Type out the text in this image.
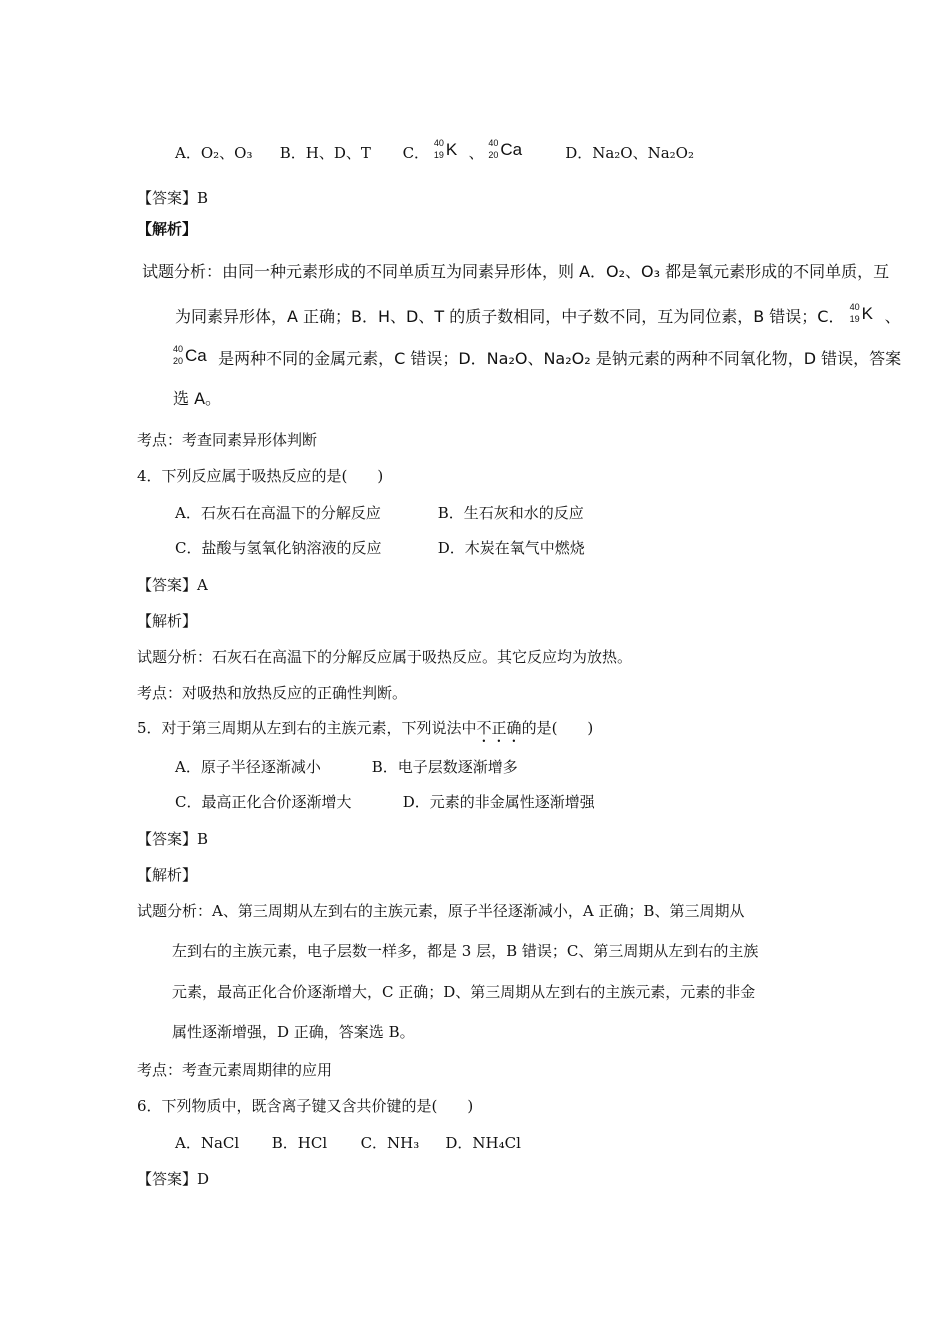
A．O₂、O₃ B．H、D、T C．
40
19 K 、
40
20 Ca	D．Na₂O、Na₂O₂
【答案】B
【解析】
试题分析：由同一种元素形成的不同单质互为同素异形体，则 A．O₂、O₃ 都是氧元素形成的不同单质，互
为同素异形体，A 正确；B．H、D、T 的质子数相同，中子数不同，互为同位素，B 错误；C． 40
19 K 、
40
20 Ca 是两种不同的金属元素，C 错误；D．Na₂O、Na₂O₂ 是钠元素的两种不同氧化物，D 错误，答案
选 A。
考点：考查同素异形体判断
4．下列反应属于吸热反应的是(　　)
A．石灰石在高温下的分解反应	B．生石灰和水的反应
C．盐酸与氢氧化钠溶液的反应	D．木炭在氧气中燃烧
【答案】A
【解析】
试题分析：石灰石在高温下的分解反应属于吸热反应。其它反应均为放热。
考点：对吸热和放热反应的正确性判断。
5．对于第三周期从左到右的主族元素，下列说法中不正确的是(　　)
A．原子半径逐渐减小	B．电子层数逐渐增多
C．最高正化合价逐渐增大	D．元素的非金属性逐渐增强
【答案】B
【解析】
试题分析：A、第三周期从左到右的主族元素，原子半径逐渐减小，A 正确；B、第三周期从
左到右的主族元素，电子层数一样多，都是 3 层，B 错误；C、第三周期从左到右的主族
元素，最高正化合价逐渐增大，C 正确；D、第三周期从左到右的主族元素，元素的非金
属性逐渐增强，D 正确，答案选 B。
考点：考查元素周期律的应用
6．下列物质中，既含离子键又含共价键的是(　　)
A．NaCl B．HCl C．NH₃ D．NH₄Cl
【答案】D
